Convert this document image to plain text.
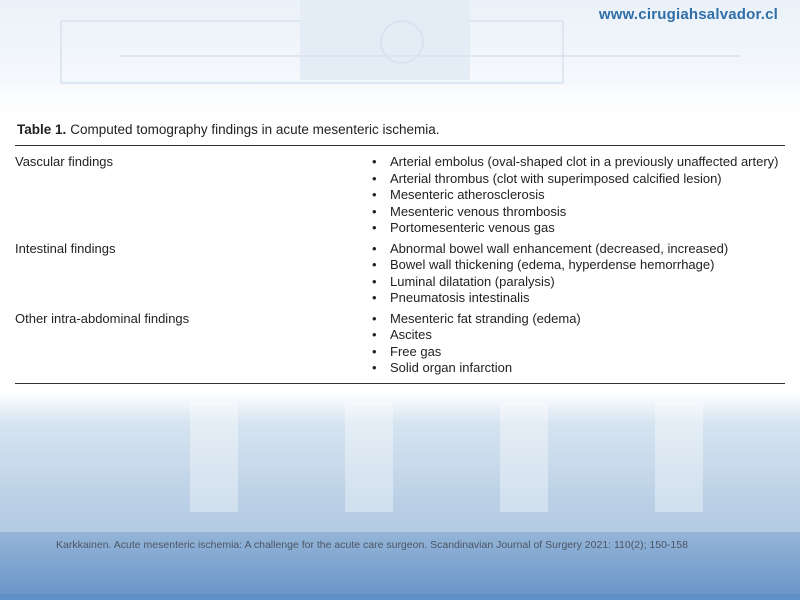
www.cirugiahsalvador.cl
Table 1. Computed tomography findings in acute mesenteric ischemia.
Vascular findings	• Arterial embolus (oval-shaped clot in a previously unaffected artery)
• Arterial thrombus (clot with superimposed calcified lesion)
• Mesenteric atherosclerosis
• Mesenteric venous thrombosis
• Portomesenteric venous gas
Intestinal findings	• Abnormal bowel wall enhancement (decreased, increased)
• Bowel wall thickening (edema, hyperdense hemorrhage)
• Luminal dilatation (paralysis)
• Pneumatosis intestinalis
Other intra-abdominal findings	• Mesenteric fat stranding (edema)
• Ascites
• Free gas
• Solid organ infarction
Karkkainen. Acute mesenteric ischemia: A challenge for the acute care surgeon. Scandinavian Journal of Surgery 2021: 110(2); 150-158
